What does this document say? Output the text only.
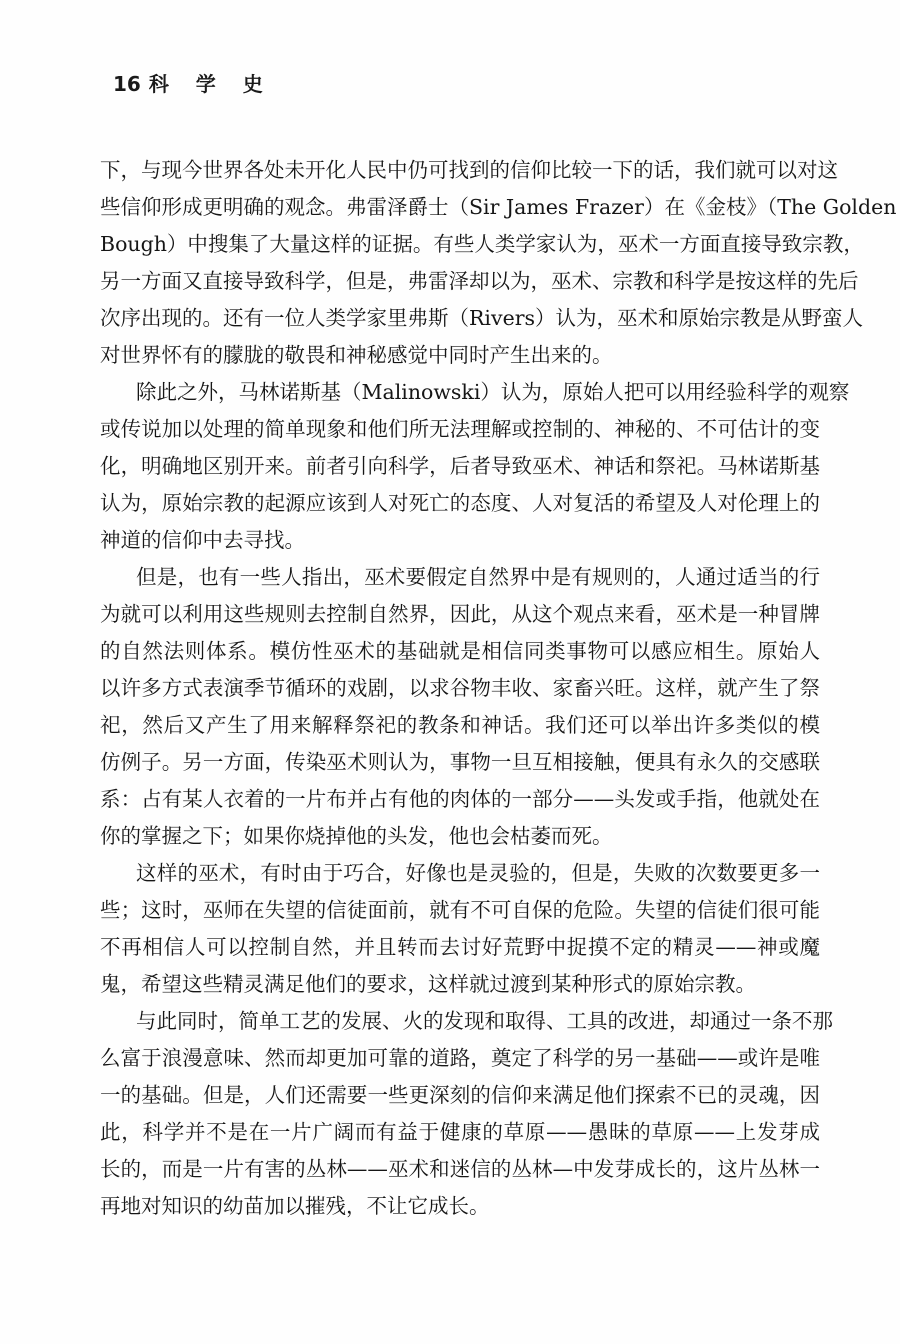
16 科 学 史

下，与现今世界各处未开化人民中仍可找到的信仰比较一下的话，我们就可以对这
些信仰形成更明确的观念。弗雷泽爵士（Sir James Frazer）在《金枝》（The Golden
Bough）中搜集了大量这样的证据。有些人类学家认为，巫术一方面直接导致宗教，
另一方面又直接导致科学，但是，弗雷泽却以为，巫术、宗教和科学是按这样的先后
次序出现的。还有一位人类学家里弗斯（Rivers）认为，巫术和原始宗教是从野蛮人
对世界怀有的朦胧的敬畏和神秘感觉中同时产生出来的。

除此之外，马林诺斯基（Malinowski）认为，原始人把可以用经验科学的观察
或传说加以处理的简单现象和他们所无法理解或控制的、神秘的、不可估计的变
化，明确地区别开来。前者引向科学，后者导致巫术、神话和祭祀。马林诺斯基
认为，原始宗教的起源应该到人对死亡的态度、人对复活的希望及人对伦理上的
神道的信仰中去寻找。

但是，也有一些人指出，巫术要假定自然界中是有规则的，人通过适当的行
为就可以利用这些规则去控制自然界，因此，从这个观点来看，巫术是一种冒牌
的自然法则体系。模仿性巫术的基础就是相信同类事物可以感应相生。原始人
以许多方式表演季节循环的戏剧，以求谷物丰收、家畜兴旺。这样，就产生了祭
祀，然后又产生了用来解释祭祀的教条和神话。我们还可以举出许多类似的模
仿例子。另一方面，传染巫术则认为，事物一旦互相接触，便具有永久的交感联
系：占有某人衣着的一片布并占有他的肉体的一部分——头发或手指，他就处在
你的掌握之下；如果你烧掉他的头发，他也会枯萎而死。

这样的巫术，有时由于巧合，好像也是灵验的，但是，失败的次数要更多一
些；这时，巫师在失望的信徒面前，就有不可自保的危险。失望的信徒们很可能
不再相信人可以控制自然，并且转而去讨好荒野中捉摸不定的精灵——神或魔
鬼，希望这些精灵满足他们的要求，这样就过渡到某种形式的原始宗教。

与此同时，简单工艺的发展、火的发现和取得、工具的改进，却通过一条不那
么富于浪漫意味、然而却更加可靠的道路，奠定了科学的另一基础——或许是唯
一的基础。但是，人们还需要一些更深刻的信仰来满足他们探索不已的灵魂，因
此，科学并不是在一片广阔而有益于健康的草原——愚昧的草原——上发芽成
长的，而是一片有害的丛林——巫术和迷信的丛林—中发芽成长的，这片丛林一
再地对知识的幼苗加以摧残，不让它成长。
